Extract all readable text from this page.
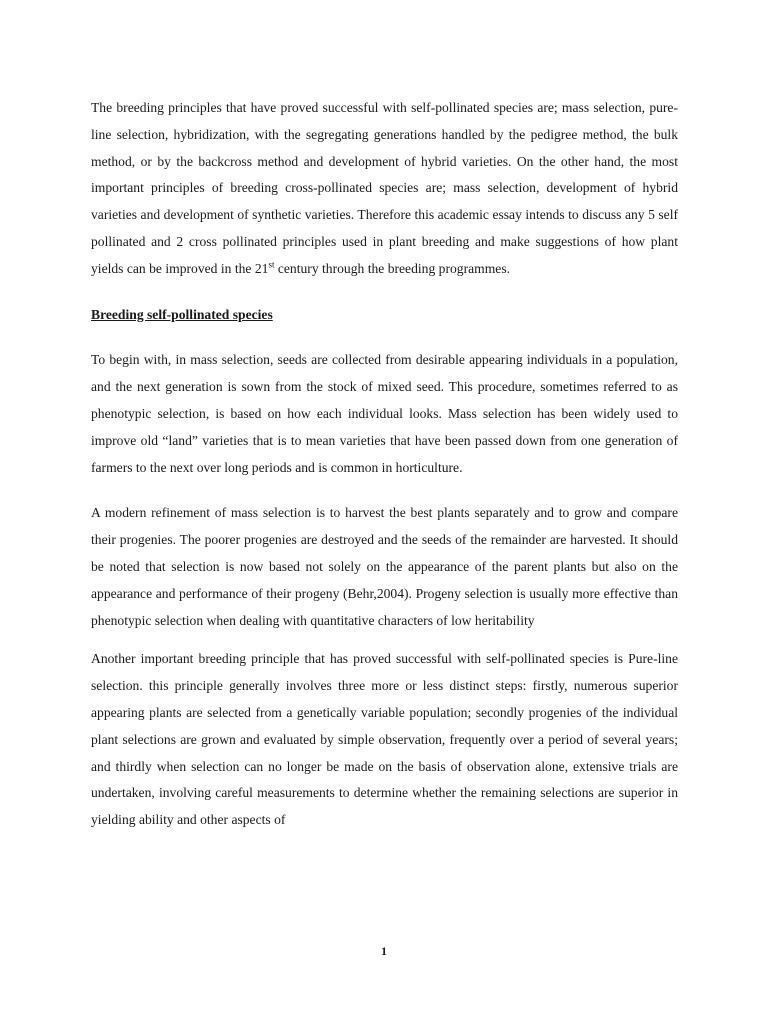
The breeding principles that have proved successful with self-pollinated species are; mass selection, pure-line selection, hybridization, with the segregating generations handled by the pedigree method, the bulk method, or by the backcross method and development of hybrid varieties. On the other hand, the most important principles of breeding cross-pollinated species are; mass selection, development of hybrid varieties and development of synthetic varieties. Therefore this academic essay intends to discuss any 5 self pollinated and 2 cross pollinated principles used in plant breeding and make suggestions of how plant yields can be improved in the 21st century through the breeding programmes.

Breeding self-pollinated species

To begin with, in mass selection, seeds are collected from desirable appearing individuals in a population, and the next generation is sown from the stock of mixed seed. This procedure, sometimes referred to as phenotypic selection, is based on how each individual looks. Mass selection has been widely used to improve old “land” varieties that is to mean varieties that have been passed down from one generation of farmers to the next over long periods and is common in horticulture.

A modern refinement of mass selection is to harvest the best plants separately and to grow and compare their progenies. The poorer progenies are destroyed and the seeds of the remainder are harvested. It should be noted that selection is now based not solely on the appearance of the parent plants but also on the appearance and performance of their progeny (Behr,2004). Progeny selection is usually more effective than phenotypic selection when dealing with quantitative characters of low heritability

Another important breeding principle that has proved successful with self-pollinated species is Pure-line selection. this principle generally involves three more or less distinct steps: firstly, numerous superior appearing plants are selected from a genetically variable population; secondly progenies of the individual plant selections are grown and evaluated by simple observation, frequently over a period of several years; and thirdly when selection can no longer be made on the basis of observation alone, extensive trials are undertaken, involving careful measurements to determine whether the remaining selections are superior in yielding ability and other aspects of

1
